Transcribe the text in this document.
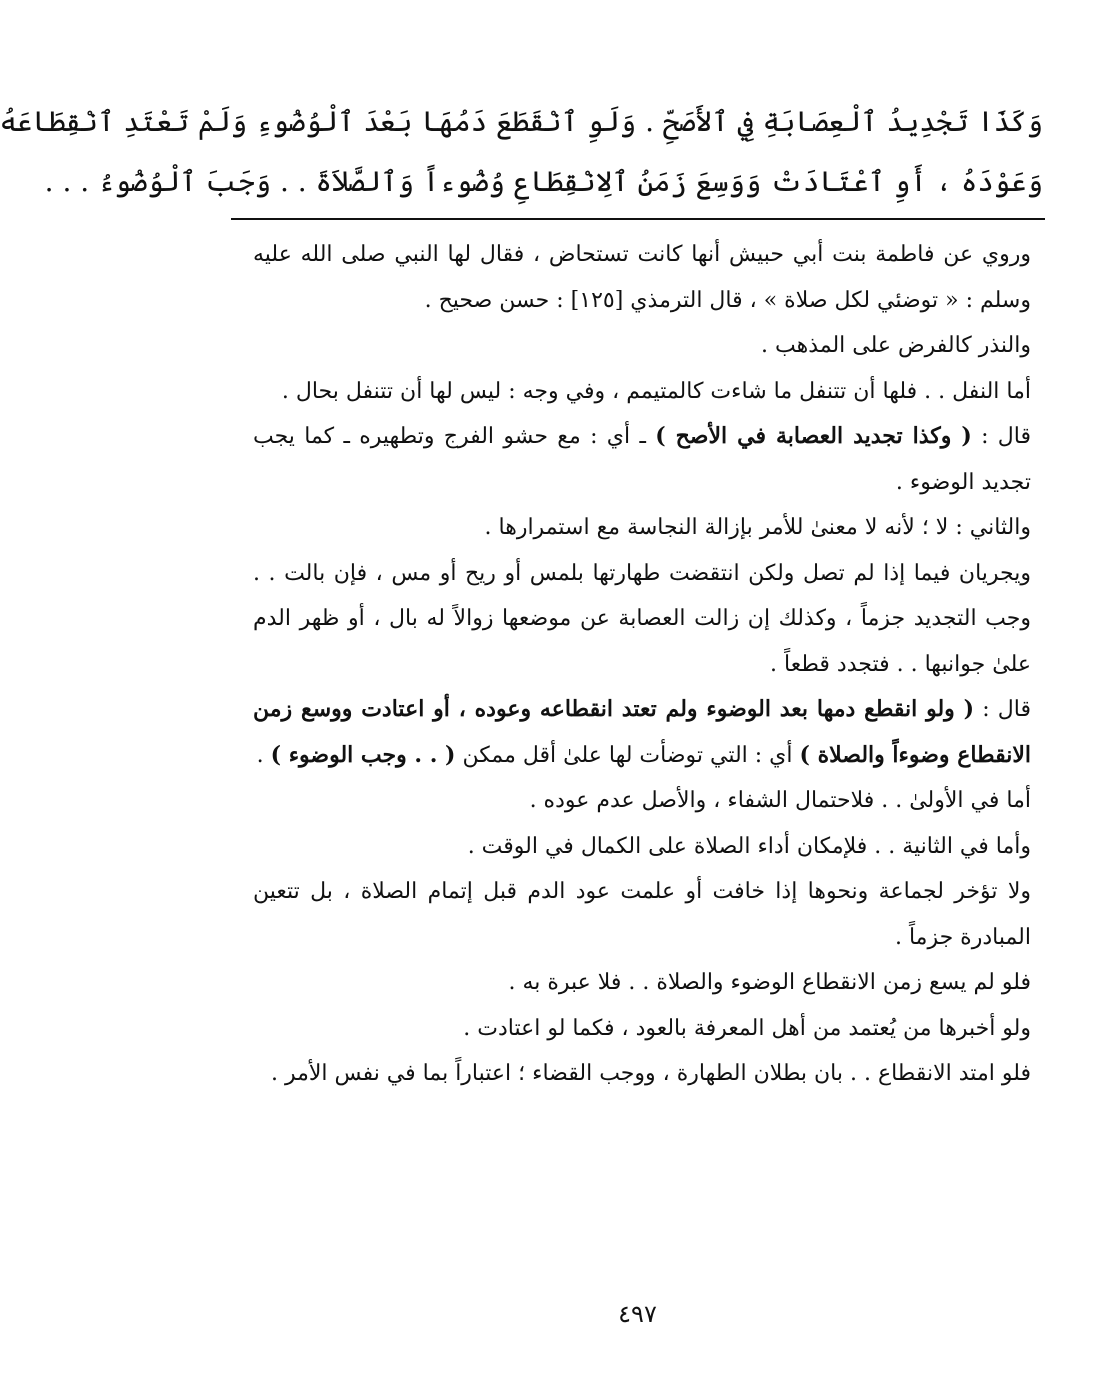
وَكَذَا تَجْدِيدُ ٱلْعِصَابَةِ فِي ٱلأَصَحِّ . وَلَوِ ٱنْقَطَعَ دَمُهَا بَعْدَ ٱلْوُضُوءِ وَلَمْ تَعْتَدِ ٱنْقِطَاعَهُ
وَعَوْدَهُ ، أَوِ ٱعْتَادَتْ وَوَسِعَ زَمَنُ ٱلِانْقِطَاعِ وُضُوءاً وَٱلصَّلاَةَ . . وَجَبَ ٱلْوُضُوءُ . . .

وروي عن فاطمة بنت أبي حبيش أنها كانت تستحاض ، فقال لها النبي صلى الله عليه وسلم : « توضئي لكل صلاة » ، قال الترمذي [١٢٥] : حسن صحيح .

والنذر كالفرض على المذهب .

أما النفل . . فلها أن تتنفل ما شاءت كالمتيمم ، وفي وجه : ليس لها أن تتنفل بحال .

قال : ( وكذا تجديد العصابة في الأصح ) ـ أي : مع حشو الفرج وتطهيره ـ كما يجب تجديد الوضوء .

والثاني : لا ؛ لأنه لا معنىٰ للأمر بإزالة النجاسة مع استمرارها .

ويجريان فيما إذا لم تصل ولكن انتقضت طهارتها بلمس أو ريح أو مس ، فإن بالت . . وجب التجديد جزماً ، وكذلك إن زالت العصابة عن موضعها زوالاً له بال ، أو ظهر الدم علىٰ جوانبها . . فتجدد قطعاً .

قال : ( ولو انقطع دمها بعد الوضوء ولم تعتد انقطاعه وعوده ، أو اعتادت ووسع زمن الانقطاع وضوءاً والصلاة ) أي : التي توضأت لها علىٰ أقل ممكن ( . . وجب الوضوء ) .

أما في الأولىٰ . . فلاحتمال الشفاء ، والأصل عدم عوده .

وأما في الثانية . . فلإمكان أداء الصلاة على الكمال في الوقت .

ولا تؤخر لجماعة ونحوها إذا خافت أو علمت عود الدم قبل إتمام الصلاة ، بل تتعين المبادرة جزماً .

فلو لم يسع زمن الانقطاع الوضوء والصلاة . . فلا عبرة به .

ولو أخبرها من يُعتمد من أهل المعرفة بالعود ، فكما لو اعتادت .

فلو امتد الانقطاع . . بان بطلان الطهارة ، ووجب القضاء ؛ اعتباراً بما في نفس الأمر .

٤٩٧
